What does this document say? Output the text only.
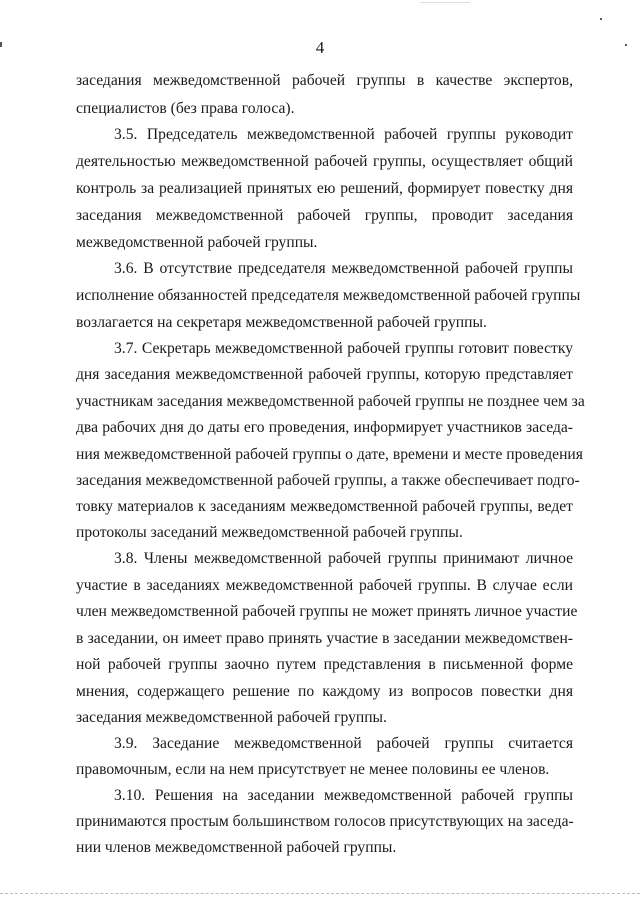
4
заседания межведомственной рабочей группы в качестве экспертов,
специалистов (без права голоса).
3.5. Председатель межведомственной рабочей группы руководит
деятельностью межведомственной рабочей группы, осуществляет общий
контроль за реализацией принятых ею решений, формирует повестку дня
заседания межведомственной рабочей группы, проводит заседания
межведомственной рабочей группы.
3.6. В отсутствие председателя межведомственной рабочей группы
исполнение обязанностей председателя межведомственной рабочей группы
возлагается на секретаря межведомственной рабочей группы.
3.7. Секретарь межведомственной рабочей группы готовит повестку
дня заседания межведомственной рабочей группы, которую представляет
участникам заседания межведомственной рабочей группы не позднее чем за
два рабочих дня до даты его проведения, информирует участников заседа-
ния межведомственной рабочей группы о дате, времени и месте проведения
заседания межведомственной рабочей группы, а также обеспечивает подго-
товку материалов к заседаниям межведомственной рабочей группы, ведет
протоколы заседаний межведомственной рабочей группы.
3.8. Члены межведомственной рабочей группы принимают личное
участие в заседаниях межведомственной рабочей группы. В случае если
член межведомственной рабочей группы не может принять личное участие
в заседании, он имеет право принять участие в заседании межведомствен-
ной рабочей группы заочно путем представления в письменной форме
мнения, содержащего решение по каждому из вопросов повестки дня
заседания межведомственной рабочей группы.
3.9. Заседание межведомственной рабочей группы считается
правомочным, если на нем присутствует не менее половины ее членов.
3.10. Решения на заседании межведомственной рабочей группы
принимаются простым большинством голосов присутствующих на заседа-
нии членов межведомственной рабочей группы.
